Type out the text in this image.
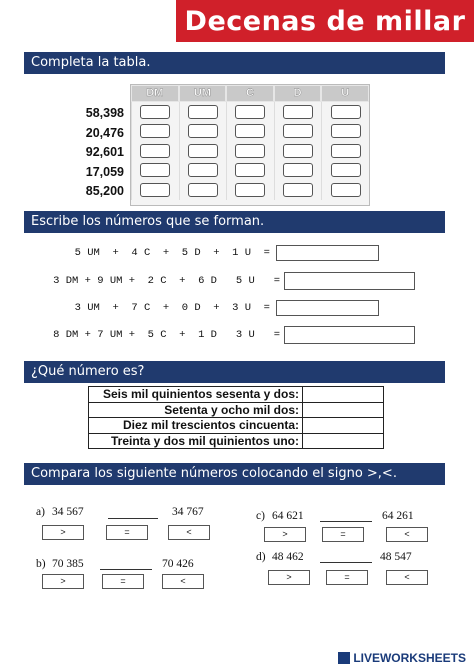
Decenas de millar
Completa la tabla.
58,398
20,476
92,601
17,059
85,200
DM	UM	C	D	U
Escribe los números que se forman.
5 UM  +  4 C  +  5 D  +  1 U  =
3 DM + 9 UM +  2 C  +  6 D   5 U   =
3 UM  +  7 C  +  0 D  +  3 U  =
8 DM + 7 UM +  5 C  +  1 D   3 U   =
¿Qué número es?
Seis mil quinientos sesenta y dos:	
Setenta y ocho mil dos:	
Diez mil trescientos cincuenta:	
Treinta y dos mil quinientos uno:	
Compara los siguiente números colocando el signo >,<.
a) 34 567	34 767
>	=	<
b) 70 385	70 426
>	=	<
c) 64 621	64 261
>	=	<
d) 48 462	48 547
>	=	<
LIVEWORKSHEETS
